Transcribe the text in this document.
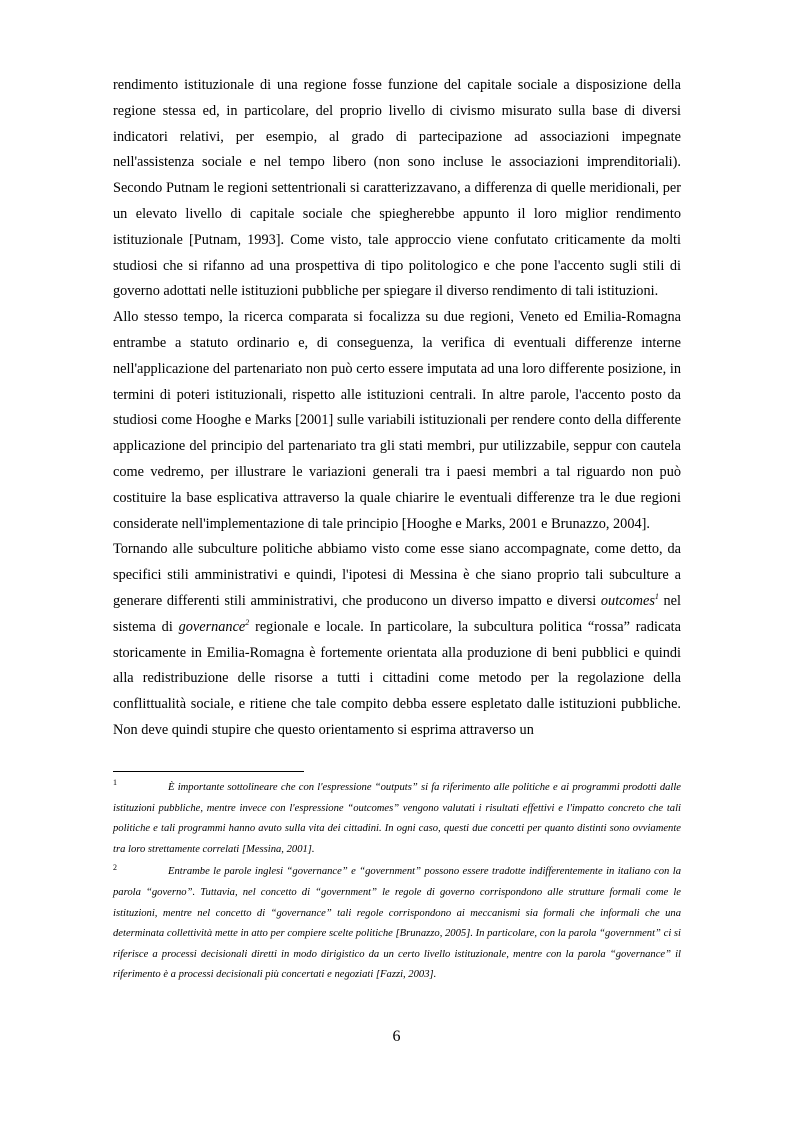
rendimento istituzionale di una regione fosse funzione del capitale sociale a disposizione della regione stessa ed, in particolare, del proprio livello di civismo misurato sulla base di diversi indicatori relativi, per esempio, al grado di partecipazione ad associazioni impegnate nell'assistenza sociale e nel tempo libero (non sono incluse le associazioni imprenditoriali). Secondo Putnam le regioni settentrionali si caratterizzavano, a differenza di quelle meridionali, per un elevato livello di capitale sociale che spiegherebbe appunto il loro miglior rendimento istituzionale [Putnam, 1993]. Come visto, tale approccio viene confutato criticamente da molti studiosi che si rifanno ad una prospettiva di tipo politologico e che pone l'accento sugli stili di governo adottati nelle istituzioni pubbliche per spiegare il diverso rendimento di tali istituzioni.

Allo stesso tempo, la ricerca comparata si focalizza su due regioni, Veneto ed Emilia-Romagna entrambe a statuto ordinario e, di conseguenza, la verifica di eventuali differenze interne nell'applicazione del partenariato non può certo essere imputata ad una loro differente posizione, in termini di poteri istituzionali, rispetto alle istituzioni centrali. In altre parole, l'accento posto da studiosi come Hooghe e Marks [2001] sulle variabili istituzionali per rendere conto della differente applicazione del principio del partenariato tra gli stati membri, pur utilizzabile, seppur con cautela come vedremo, per illustrare le variazioni generali tra i paesi membri a tal riguardo non può costituire la base esplicativa attraverso la quale chiarire le eventuali differenze tra le due regioni considerate nell'implementazione di tale principio [Hooghe e Marks, 2001 e Brunazzo, 2004].

Tornando alle subculture politiche abbiamo visto come esse siano accompagnate, come detto, da specifici stili amministrativi e quindi, l'ipotesi di Messina è che siano proprio tali subculture a generare differenti stili amministrativi, che producono un diverso impatto e diversi outcomes$^1$ nel sistema di governance$^2$ regionale e locale. In particolare, la subcultura politica “rossa” radicata storicamente in Emilia-Romagna è fortemente orientata alla produzione di beni pubblici e quindi alla redistribuzione delle risorse a tutti i cittadini come metodo per la regolazione della conflittualità sociale, e ritiene che tale compito debba essere espletato dalle istituzioni pubbliche. Non deve quindi stupire che questo orientamento si esprima attraverso un

1	È importante sottolineare che con l'espressione “outputs” si fa riferimento alle politiche e ai programmi prodotti dalle istituzioni pubbliche, mentre invece con l'espressione “outcomes” vengono valutati i risultati effettivi e l'impatto concreto che tali politiche e tali programmi hanno avuto sulla vita dei cittadini. In ogni caso, questi due concetti per quanto distinti sono ovviamente tra loro strettamente correlati [Messina, 2001].
2	Entrambe le parole inglesi “governance” e “government” possono essere tradotte indifferentemente in italiano con la parola “governo”. Tuttavia, nel concetto di “government” le regole di governo corrispondono alle strutture formali come le istituzioni, mentre nel concetto di “governance” tali regole corrispondono ai meccanismi sia formali che informali che una determinata collettività mette in atto per compiere scelte politiche [Brunazzo, 2005]. In particolare, con la parola “government” ci si riferisce a processi decisionali diretti in modo dirigistico da un certo livello istituzionale, mentre con la parola “governance” il riferimento è a processi decisionali più concertati e negoziati [Fazzi, 2003].
6
